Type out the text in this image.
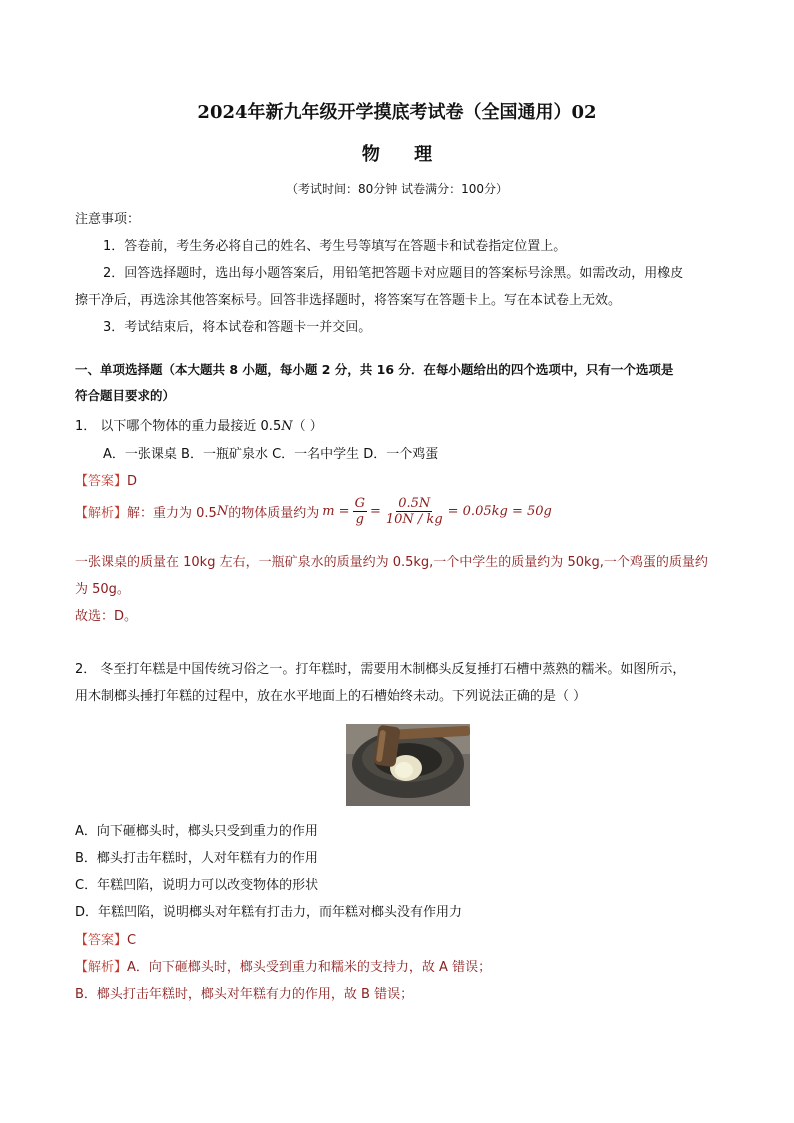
2024年新九年级开学摸底考试卷（全国通用）02
物 理
（考试时间：80分钟 试卷满分：100分）
注意事项：
1．答卷前，考生务必将自己的姓名、考生号等填写在答题卡和试卷指定位置上。
2．回答选择题时，选出每小题答案后，用铅笔把答题卡对应题目的答案标号涂黑。如需改动，用橡皮
擦干净后，再选涂其他答案标号。回答非选择题时，将答案写在答题卡上。写在本试卷上无效。
3．考试结束后，将本试卷和答题卡一并交回。
一、单项选择题（本大题共 8 小题，每小题 2 分，共 16 分．在每小题给出的四个选项中，只有一个选项是
符合题目要求的）
1． 以下哪个物体的重力最接近 0.5N（ ）
A．一张课桌 B．一瓶矿泉水 C．一名中学生 D．一个鸡蛋
【答案】D
【解析】 解：重力为 0.5 N 的物体质量约为 $m = \frac{G}{g} = \frac{0.5N}{10N / kg} = 0.05kg = 50g$
一张课桌的质量在 10kg 左右，一瓶矿泉水的质量约为 0.5kg,一个中学生的质量约为 50kg,一个鸡蛋的质量约
为 50g。
故选：D。
2． 冬至打年糕是中国传统习俗之一。打年糕时，需要用木制榔头反复捶打石槽中蒸熟的糯米。如图所示，
用木制榔头捶打年糕的过程中，放在水平地面上的石槽始终未动。下列说法正确的是（ ）
A．向下砸榔头时，榔头只受到重力的作用
B．榔头打击年糕时，人对年糕有力的作用
C．年糕凹陷，说明力可以改变物体的形状
D．年糕凹陷，说明榔头对年糕有打击力，而年糕对榔头没有作用力
【答案】C
【解析】A．向下砸榔头时，榔头受到重力和糯米的支持力，故 A 错误；
B．榔头打击年糕时，榔头对年糕有力的作用，故 B 错误；
